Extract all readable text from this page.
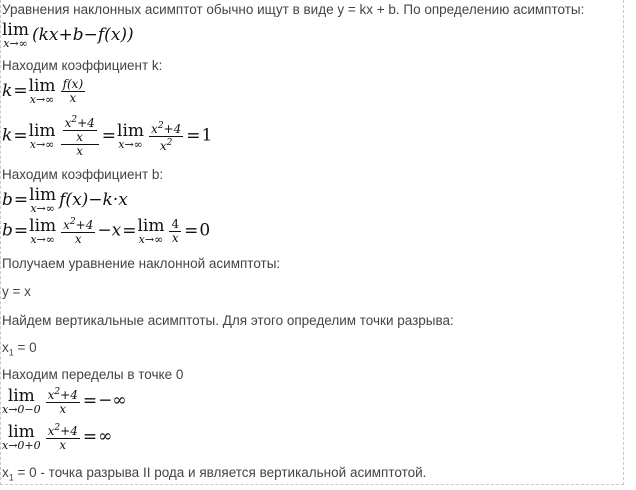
Уравнения наклонных асимптот обычно ищут в виде y = kx + b. По определению асимптоты:
lim
x→∞ (kx+b−f(x))
Находим коэффициент k:
k= lim
$x\to\infty \frac{f(x)}{x}$
k= lim
$x\to\infty \frac{\frac{x^2+4}{x}}{x} = \lim$
$x\to\infty \frac{x^2+4}{x^2} =1$
Находим коэффициент b:
b= lim
x→∞ f(x)−k·x
b= lim
$x\to\infty \frac{x^2+4}{x} -x= \lim$
$x\to\infty \frac{4}{x} =0$
Получаем уравнение наклонной асимптоты:
y = x
Найдем вертикальные асимптоты. Для этого определим точки разрыва:
$x_1 = 0$
Находим переделы в точке 0
lim
$x\to 0-0 \frac{x^2+4}{x}$ =−∞
lim
$x\to 0+0 \frac{x^2+4}{x}$ =∞
$x_1 = 0$ - точка разрыва II рода и является вертикальной асимптотой.
